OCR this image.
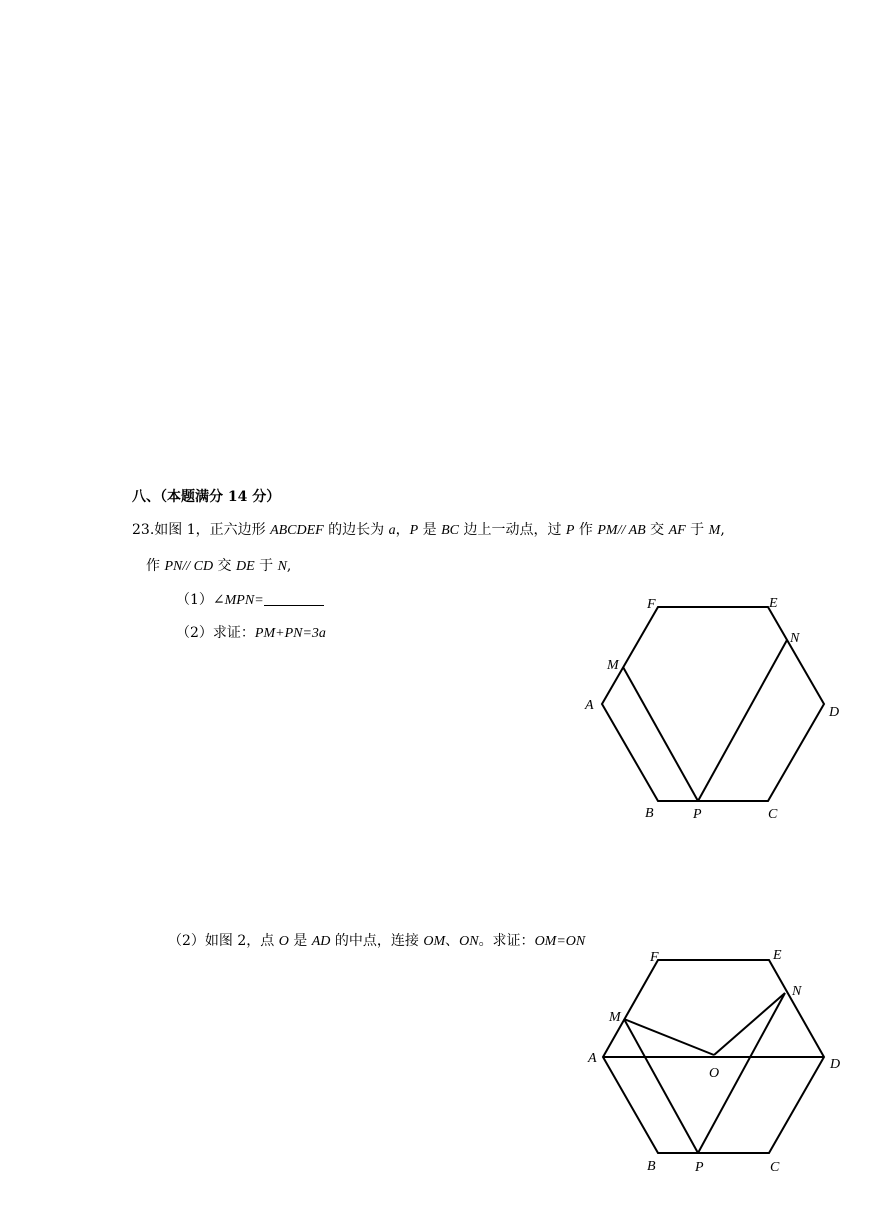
八、（本题满分 14 分）
23.如图 1，正六边形 ABCDEF 的边长为 a，P 是 BC 边上一动点，过 P 作 PM// AB 交 AF 于 M,
作 PN// CD 交 DE 于 N,
（1）∠MPN=
（2）求证：PM+PN=3a
（2）如图 2，点 O 是 AD 的中点，连接 OM、ON。求证：OM=ON
F	E
N
M
A	D
B	P	C
F	E
N
M
A	D
O
B	P	C
